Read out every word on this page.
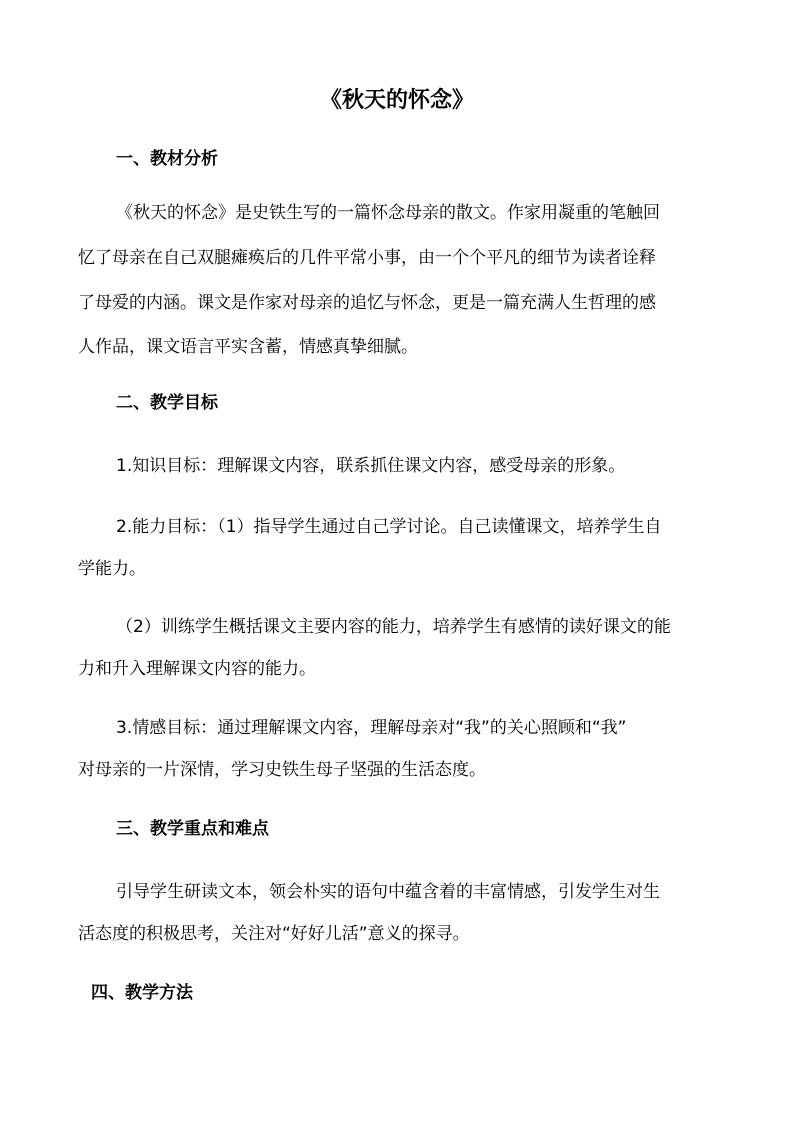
《秋天的怀念》
一、教材分析
《秋天的怀念》是史铁生写的一篇怀念母亲的散文。作家用凝重的笔触回
忆了母亲在自己双腿瘫痪后的几件平常小事，由一个个平凡的细节为读者诠释
了母爱的内涵。课文是作家对母亲的追忆与怀念，更是一篇充满人生哲理的感
人作品，课文语言平实含蓄，情感真挚细腻。
二、教学目标
1.知识目标：理解课文内容，联系抓住课文内容，感受母亲的形象。
2.能力目标：（1）指导学生通过自己学讨论。自己读懂课文，培养学生自
学能力。
（2）训练学生概括课文主要内容的能力，培养学生有感情的读好课文的能
力和升入理解课文内容的能力。
3.情感目标：通过理解课文内容，理解母亲对“我”的关心照顾和“我”
对母亲的一片深情，学习史铁生母子坚强的生活态度。
三、教学重点和难点
引导学生研读文本，领会朴实的语句中蕴含着的丰富情感，引发学生对生
活态度的积极思考，关注对“好好儿活”意义的探寻。
四、教学方法
